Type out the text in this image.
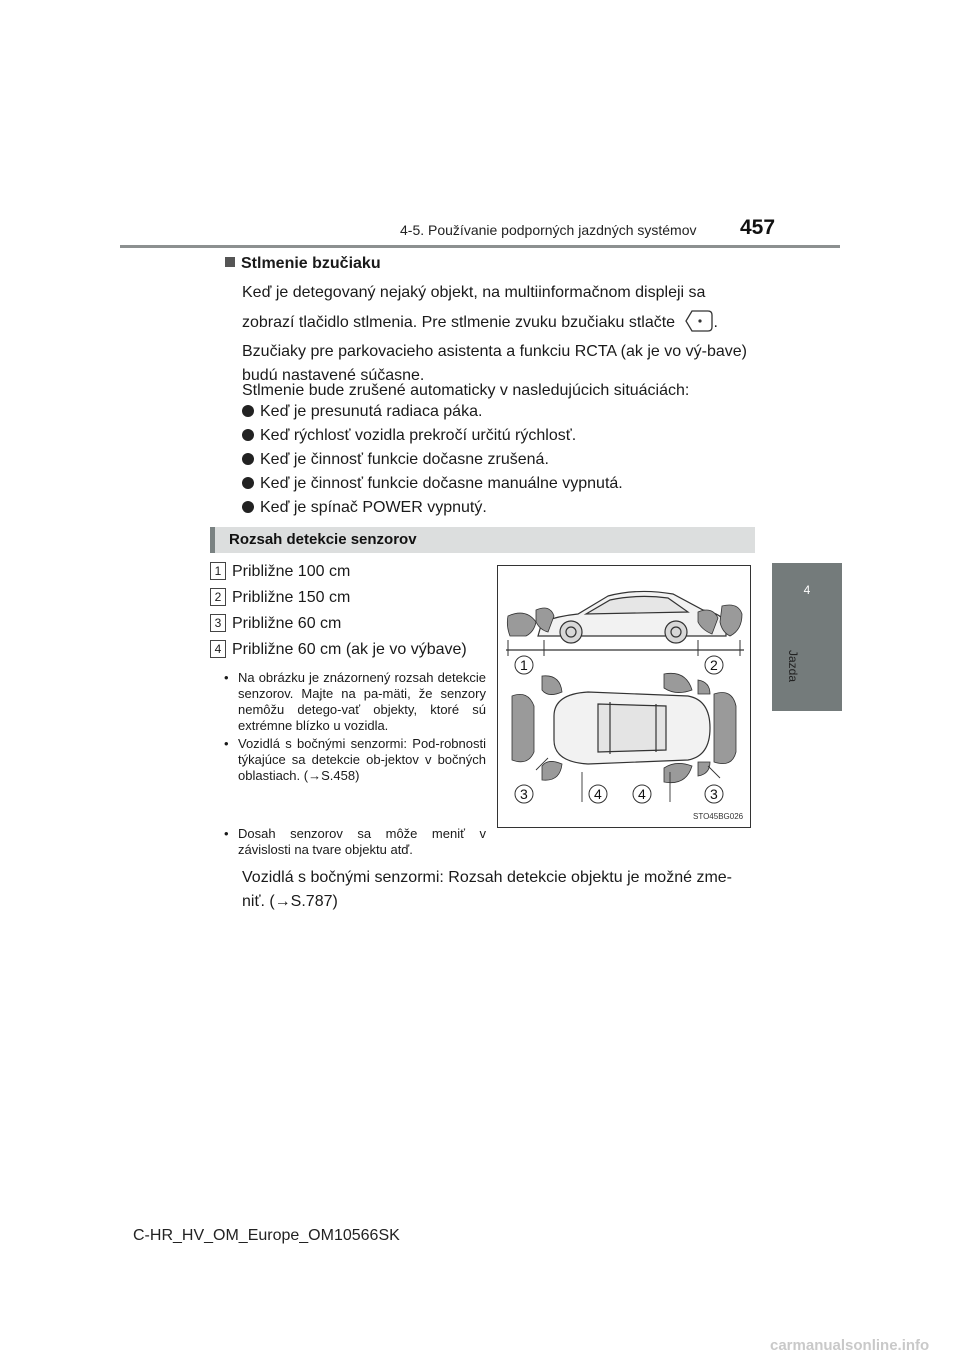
4-5. Používanie podporných jazdných systémov 457
4
Jazda
Stlmenie bzučiaku
Keď je detegovaný nejaký objekt, na multiinformačnom displeji sa
zobrazí tlačidlo stlmenia. Pre stlmenie zvuku bzučiaku stlačte .
Bzučiaky pre parkovacieho asistenta a funkciu RCTA (ak je vo vý-bave) budú nastavené súčasne.
Stlmenie bude zrušené automaticky v nasledujúcich situáciách:
Keď je presunutá radiaca páka.
Keď rýchlosť vozidla prekročí určitú rýchlosť.
Keď je činnosť funkcie dočasne zrušená.
Keď je činnosť funkcie dočasne manuálne vypnutá.
Keď je spínač POWER vypnutý.
Rozsah detekcie senzorov
1 Približne 100 cm
2 Približne 150 cm
3 Približne 60 cm
4 Približne 60 cm (ak je vo výbave)
• Na obrázku je znázornený rozsah detekcie senzorov. Majte na pa-mäti, že senzory nemôžu detego-vať objekty, ktoré sú extrémne blízko u vozidla.
• Vozidlá s bočnými senzormi: Pod-robnosti týkajúce sa detekcie ob-jektov v bočných oblastiach. (→S.458)
• Dosah senzorov sa môže meniť v závislosti na tvare objektu atď.
1	2
3	4	4	3
STO45BG026
Vozidlá s bočnými senzormi: Rozsah detekcie objektu je možné zme-
niť. (→S.787)
C-HR_HV_OM_Europe_OM10566SK
carmanualsonline.info
